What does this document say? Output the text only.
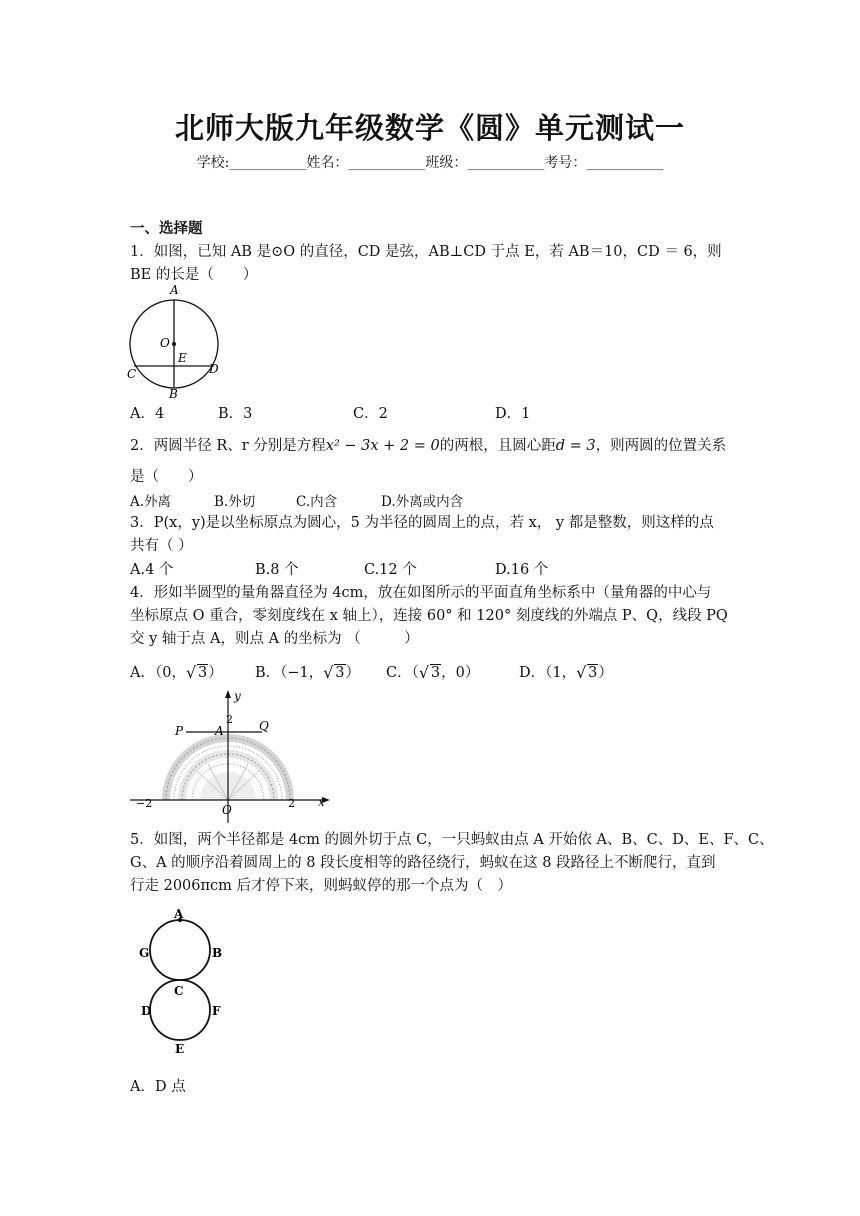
北师大版九年级数学《圆》单元测试一
学校:___________姓名：___________班级：___________考号：___________
一、选择题
1．如图，已知 AB 是⊙O 的直径，CD 是弦，AB⊥CD 于点 E，若 AB＝10，CD ＝ 6，则
BE 的长是（　　）
A
O
E
C	D
B
A．4	B．3	C．2	D．1
2．两圆半径 R、r 分别是方程x² − 3x + 2 = 0的两根，且圆心距d = 3，则两圆的位置关系
是（　　）
A.外离	B.外切	C.内含	D.外离或内含
3．P(x，y)是以坐标原点为圆心，5 为半径的圆周上的点，若 x， y 都是整数，则这样的点
共有（ ）
A.4 个	B.8 个	C.12 个	D.16 个
4．形如半圆型的量角器直径为 4cm，放在如图所示的平面直角坐标系中（量角器的中心与
坐标原点 O 重合，零刻度线在 x 轴上），连接 60° 和 120° 刻度线的外端点 P、Q，线段 PQ
交 y 轴于点 A，则点 A 的坐标为 （　　　）
A．（0， √ 3） B．（−1， √ 3） C．（ √ 3，0）	D．（1， √ 3）
y
x
2
P	A	Q
O
−2	2
5．如图，两个半径都是 4cm 的圆外切于点 C，一只蚂蚁由点 A 开始依 A、B、C、D、E、F、C、
G、A 的顺序沿着圆周上的 8 段长度相等的路径绕行，蚂蚁在这 8 段路径上不断爬行，直到
行走 2006πcm 后才停下来，则蚂蚁停的那一个点为（　）
A
G	B
C
D	F
E
A．D 点
